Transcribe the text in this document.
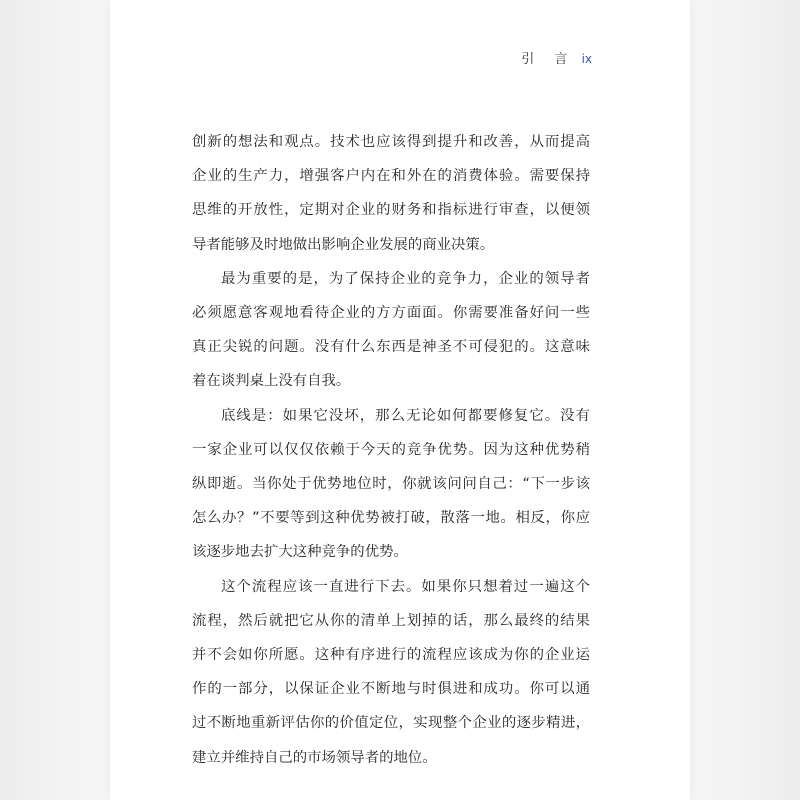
引 言 ix
创新的想法和观点。技术也应该得到提升和改善，从而提高
企业的生产力，增强客户内在和外在的消费体验。需要保持
思维的开放性，定期对企业的财务和指标进行审查，以便领
导者能够及时地做出影响企业发展的商业决策。
最为重要的是，为了保持企业的竞争力，企业的领导者
必须愿意客观地看待企业的方方面面。你需要准备好问一些
真正尖锐的问题。没有什么东西是神圣不可侵犯的。这意味
着在谈判桌上没有自我。
底线是：如果它没坏，那么无论如何都要修复它。没有
一家企业可以仅仅依赖于今天的竞争优势。因为这种优势稍
纵即逝。当你处于优势地位时，你就该问问自己：“下一步该
怎么办？”不要等到这种优势被打破，散落一地。相反，你应
该逐步地去扩大这种竞争的优势。
这个流程应该一直进行下去。如果你只想着过一遍这个
流程，然后就把它从你的清单上划掉的话，那么最终的结果
并不会如你所愿。这种有序进行的流程应该成为你的企业运
作的一部分，以保证企业不断地与时俱进和成功。你可以通
过不断地重新评估你的价值定位，实现整个企业的逐步精进，
建立并维持自己的市场领导者的地位。
